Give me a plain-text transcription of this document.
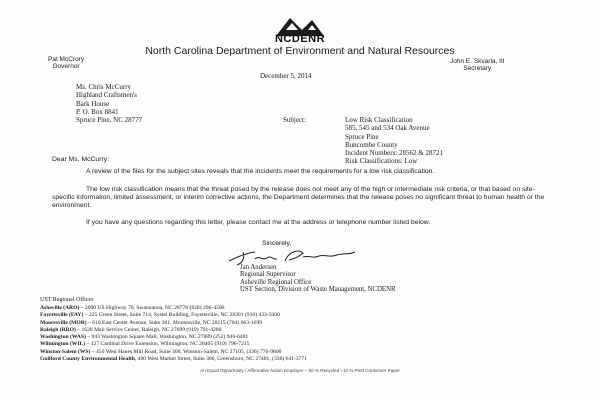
NCDENR
North Carolina Department of Environment and Natural Resources
Pat McCrory
Governor
John E. Skvarla, III
Secretary
December 5, 2014
Ms. Chris McCurry
Highland Craftsmen's
Bark House
P. O. Box 8841
Spruce Pine, NC 28777	Subject:	Low Risk Classification
585, 545 and 534 Oak Avenue
Spruce Pine
Buncombe County
Incident Numbers: 28562 & 28721
Risk Classifications: Low
Dear Ms. McCurry:
A review of the files for the subject sites reveals that the incidents meet the requirements for a low risk classification.
The low risk classification means that the threat posed by the release does not meet any of the high or intermediate risk criteria, or that based on site-specific information, limited assessment, or interim corrective actions, the Department determines that the release poses no significant threat to human health or the environment.
If you have any questions regarding this letter, please contact me at the address or telephone number listed below.
Sincerely,
Jan Andersen
Regional Supervisor
Asheville Regional Office
UST Section, Division of Waste Management, NCDENR
UST Regional Offices
Asheville (ARO) – 2090 US Highway 70, Swannanoa, NC 28778 (828) 296-4500
Fayetteville (FAY) – 225 Green Street, Suite 714, Systel Building, Fayetteville, NC 28301 (910) 433-3300
Mooresville (MOR) – 610 East Center Avenue, Suite 301, Mooresville, NC 28115 (704) 663-1699
Raleigh (RRO) – 1628 Mail Service Center, Raleigh, NC 27699 (919) 791-4200
Washington (WAS) – 943 Washington Square Mall, Washington, NC 27889 (252) 946-6481
Wilmington (WIL) – 127 Cardinal Drive Extension, Wilmington, NC 28405 (910) 796-7215
Winston-Salem (WS) – 450 West Hanes Mill Road, Suite 300, Winston-Salem, NC 27105, (336) 776-9800
Guilford County Environmental Health, 400 West Market Street, Suite 300, Greensboro, NC 27401, (336) 641-3771
An Equal Opportunity / Affirmative Action Employer – 50 % Recycled \ 10 % Post Consumer Paper
